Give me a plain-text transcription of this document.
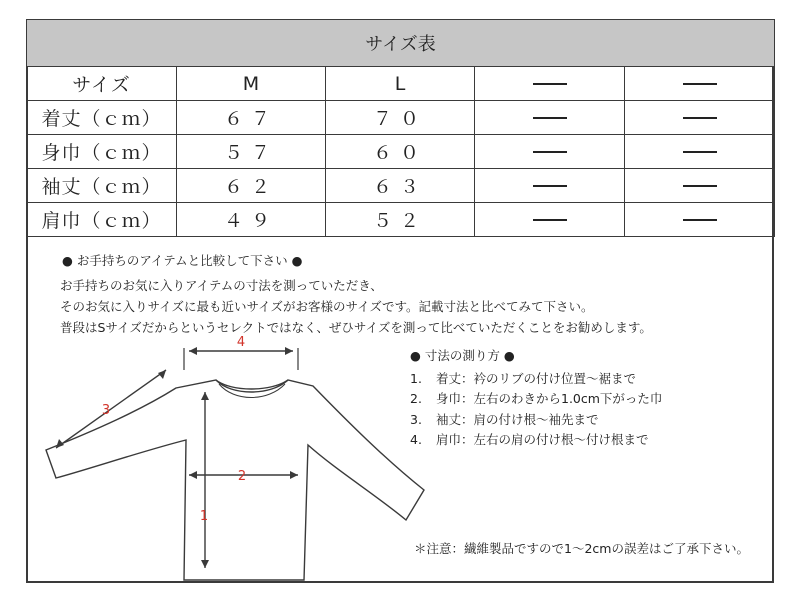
サイズ表				
サイズ	M	L		
着丈（ｃｍ）	６７	７０		
身巾（ｃｍ）	５７	６０		
袖丈（ｃｍ）	６２	６３		
肩巾（ｃｍ）	４９	５２		
● お手持ちのアイテムと比較して下さい ●

お手持ちのお気に入りアイテムの寸法を測っていただき、

そのお気に入りサイズに最も近いサイズがお客様のサイズです。記載寸法と比べてみて下さい。

普段はSサイズだからというセレクトではなく、ぜひサイズを測って比べていただくことをお勧めします。

4
3
1
2
● 寸法の測り方 ●
1.	着丈：衿のリブの付け位置〜裾まで
2.	身巾：左右のわきから1.0cm下がった巾
3.	袖丈：肩の付け根〜袖先まで
4.	肩巾：左右の肩の付け根〜付け根まで
＊注意：繊維製品ですので1〜2cmの誤差はご了承下さい。
